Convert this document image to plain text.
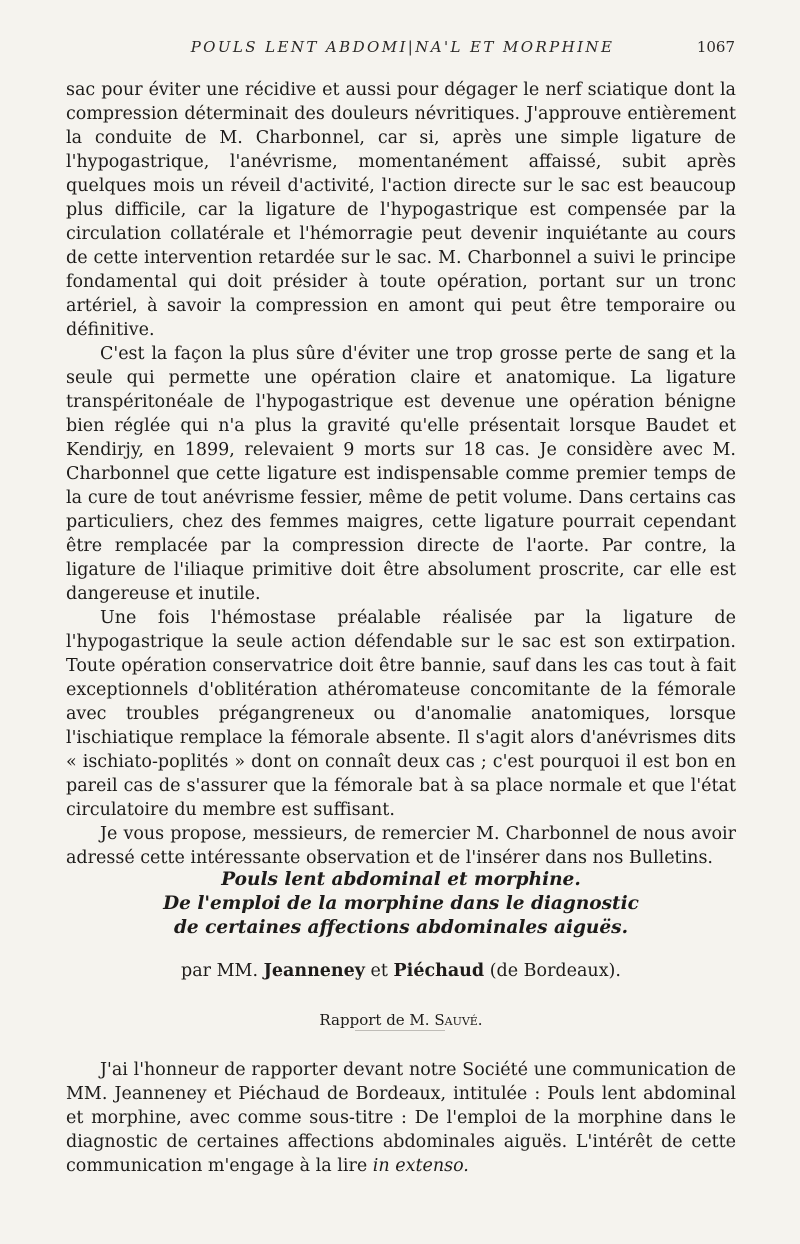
POULS LENT ABDOMI|NA'L ET MORPHINE	1067

sac pour éviter une récidive et aussi pour dégager le nerf sciatique dont la compression déterminait des douleurs névritiques. J'approuve entièrement la conduite de M. Charbonnel, car si, après une simple ligature de l'hypogastrique, l'anévrisme, momentanément affaissé, subit après quelques mois un réveil d'activité, l'action directe sur le sac est beaucoup plus difficile, car la ligature de l'hypogastrique est compensée par la circulation collatérale et l'hémorragie peut devenir inquiétante au cours de cette intervention retardée sur le sac. M. Charbonnel a suivi le principe fondamental qui doit présider à toute opération, portant sur un tronc artériel, à savoir la compression en amont qui peut être temporaire ou définitive.

C'est la façon la plus sûre d'éviter une trop grosse perte de sang et la seule qui permette une opération claire et anatomique. La ligature transpéritonéale de l'hypogastrique est devenue une opération bénigne bien réglée qui n'a plus la gravité qu'elle présentait lorsque Baudet et Kendirjy, en 1899, relevaient 9 morts sur 18 cas. Je considère avec M. Charbonnel que cette ligature est indispensable comme premier temps de la cure de tout anévrisme fessier, même de petit volume. Dans certains cas particuliers, chez des femmes maigres, cette ligature pourrait cependant être remplacée par la compression directe de l'aorte. Par contre, la ligature de l'iliaque primitive doit être absolument proscrite, car elle est dangereuse et inutile.

Une fois l'hémostase préalable réalisée par la ligature de l'hypogastrique la seule action défendable sur le sac est son extirpation. Toute opération conservatrice doit être bannie, sauf dans les cas tout à fait exceptionnels d'oblitération athéromateuse concomitante de la fémorale avec troubles prégangreneux ou d'anomalie anatomiques, lorsque l'ischiatique remplace la fémorale absente. Il s'agit alors d'anévrismes dits « ischiato-poplités » dont on connaît deux cas ; c'est pourquoi il est bon en pareil cas de s'assurer que la fémorale bat à sa place normale et que l'état circulatoire du membre est suffisant.

Je vous propose, messieurs, de remercier M. Charbonnel de nous avoir adressé cette intéressante observation et de l'insérer dans nos Bulletins.

Pouls lent abdominal et morphine.
De l'emploi de la morphine dans le diagnostic
de certaines affections abdominales aiguës.
par MM. Jeanneney et Piéchaud (de Bordeaux).
Rapport de M. Sauvé.

J'ai l'honneur de rapporter devant notre Société une communication de MM. Jeanneney et Piéchaud de Bordeaux, intitulée : Pouls lent abdominal et morphine, avec comme sous-titre : De l'emploi de la morphine dans le diagnostic de certaines affections abdominales aiguës. L'intérêt de cette communication m'engage à la lire in extenso.
